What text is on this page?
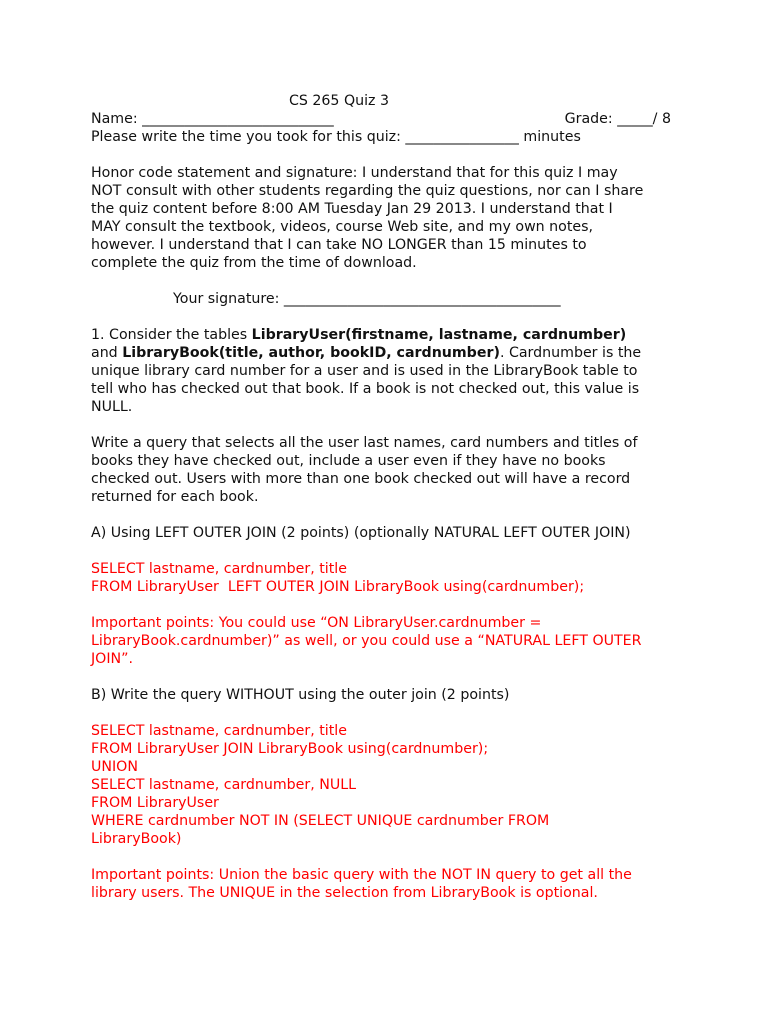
CS 265 Quiz 3
Name: ___________________________	Grade: _____/ 8
Please write the time you took for this quiz: ________________ minutes
Honor code statement and signature: I understand that for this quiz I may
NOT consult with other students regarding the quiz questions, nor can I share
the quiz content before 8:00 AM Tuesday Jan 29 2013. I understand that I
MAY consult the textbook, videos, course Web site, and my own notes,
however. I understand that I can take NO LONGER than 15 minutes to
complete the quiz from the time of download.
Your signature: _______________________________________
1. Consider the tables LibraryUser(firstname, lastname, cardnumber)
and LibraryBook(title, author, bookID, cardnumber). Cardnumber is the
unique library card number for a user and is used in the LibraryBook table to
tell who has checked out that book. If a book is not checked out, this value is
NULL.
Write a query that selects all the user last names, card numbers and titles of
books they have checked out, include a user even if they have no books
checked out. Users with more than one book checked out will have a record
returned for each book.
A) Using LEFT OUTER JOIN (2 points) (optionally NATURAL LEFT OUTER JOIN)
SELECT lastname, cardnumber, title
FROM LibraryUser  LEFT OUTER JOIN LibraryBook using(cardnumber);
Important points: You could use “ON LibraryUser.cardnumber =
LibraryBook.cardnumber)” as well, or you could use a “NATURAL LEFT OUTER
JOIN”.
B) Write the query WITHOUT using the outer join (2 points)
SELECT lastname, cardnumber, title
FROM LibraryUser JOIN LibraryBook using(cardnumber);
UNION
SELECT lastname, cardnumber, NULL
FROM LibraryUser
WHERE cardnumber NOT IN (SELECT UNIQUE cardnumber FROM
LibraryBook)
Important points: Union the basic query with the NOT IN query to get all the
library users. The UNIQUE in the selection from LibraryBook is optional.
